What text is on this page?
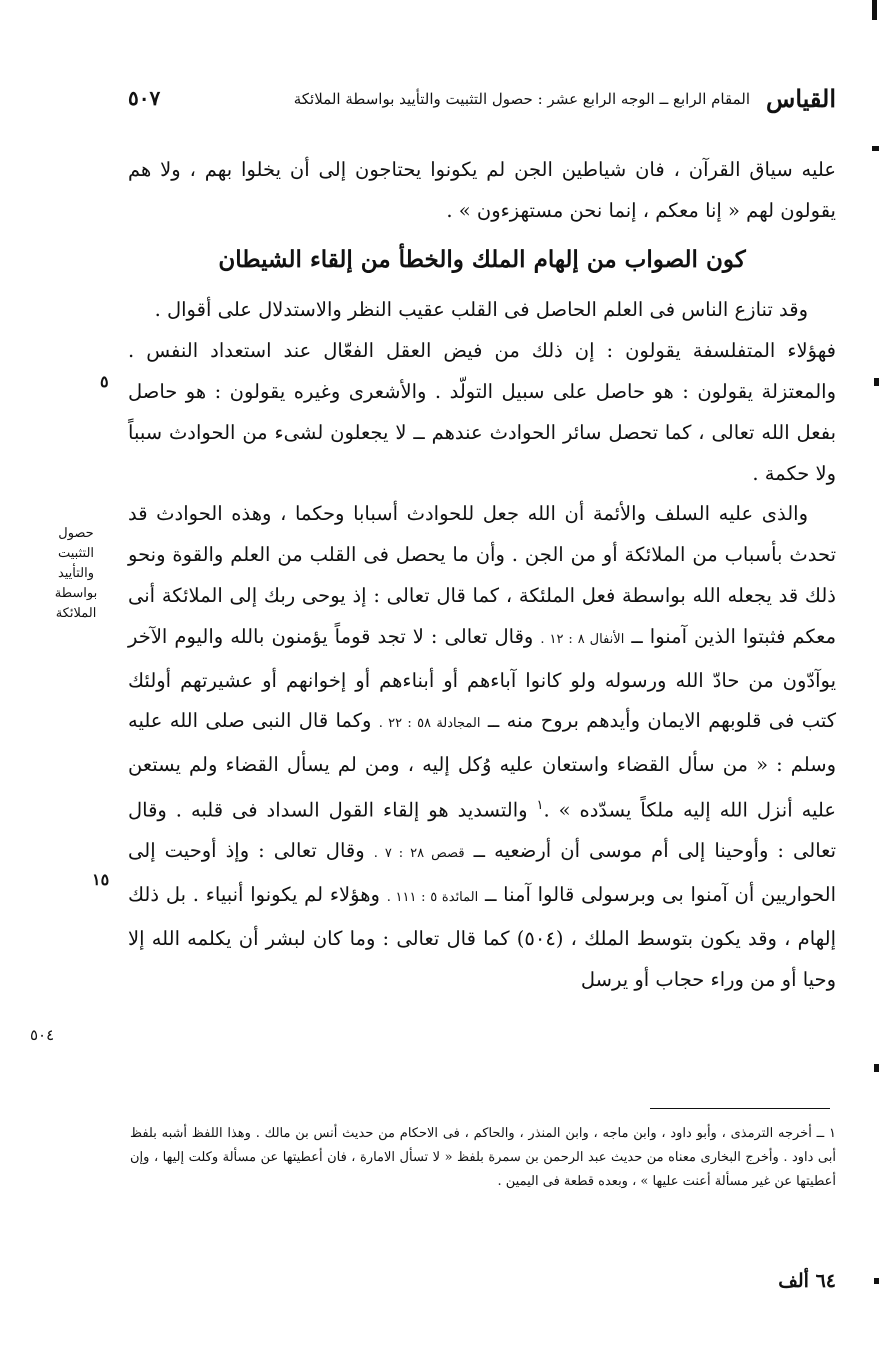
القياس
المقام الرابع ــ الوجه الرابع عشر : حصول التثبيت والتأييد بواسطة الملائكة
٥٠٧

عليه سياق القرآن ، فان شياطين الجن لم يكونوا يحتاجون إلى أن يخلوا بهم ، ولا هم يقولون لهم « إنا معكم ، إنما نحن مستهزءون » .

كون الصواب من إلهام الملك والخطأ من إلقاء الشيطان

وقد تنازع الناس فى العلم الحاصل فى القلب عقيب النظر والاستدلال على أقوال .

فهؤلاء المتفلسفة يقولون : إن ذلك من فيض العقل الفعّال عند استعداد النفس . والمعتزلة يقولون : هو حاصل على سبيل التولّد . والأشعرى وغيره يقولون : هو حاصل بفعل الله تعالى ، كما تحصل سائر الحوادث عندهم ــ لا يجعلون لشىء من الحوادث سبباً ولا حكمة .

والذى عليه السلف والأئمة أن الله جعل للحوادث أسبابا وحكما ، وهذه الحوادث قد تحدث بأسباب من الملائكة أو من الجن . وأن ما يحصل فى القلب من العلم والقوة ونحو ذلك قد يجعله الله بواسطة فعل الملئكة ، كما قال تعالى : إذ يوحى ربك إلى الملائكة أنى معكم فثبتوا الذين آمنوا ــ الأنفال ٨ : ١٢ . وقال تعالى : لا تجد قوماً يؤمنون بالله واليوم الآخر يوآدّون من حادّ الله ورسوله ولو كانوا آباءهم أو أبناءهم أو إخوانهم أو عشيرتهم أولئك كتب فى قلوبهم الايمان وأيدهم بروح منه ــ المجادلة ٥٨ : ٢٢ . وكما قال النبى صلى الله عليه وسلم : « من سأل القضاء واستعان عليه وُكل إليه ، ومن لم يسأل القضاء ولم يستعن عليه أنزل الله إليه ملكاً يسدّده » .$^١$ والتسديد هو إلقاء القول السداد فى قلبه . وقال تعالى : وأوحينا إلى أم موسى أن أرضعيه ــ قصص ٢٨ : ٧ . وقال تعالى : وإذ أوحيت إلى الحواريين أن آمنوا بى وبرسولى قالوا آمنا ــ المائدة ٥ : ١١١ . وهؤلاء لم يكونوا أنبياء . بل ذلك إلهام ، وقد يكون بتوسط الملك ، (٥٠٤) كما قال تعالى : وما كان لبشر أن يكلمه الله إلا وحيا أو من وراء حجاب أو يرسل

حصول التثبيت والتأييد بواسطة الملائكة
٥
١٥
٥٠٤

١ ــ أخرجه الترمذى ، وأبو داود ، وابن ماجه ، وابن المنذر ، والحاكم ، فى الاحكام من حديث أنس بن مالك . وهذا اللفظ أشبه بلفظ أبى داود . وأخرج البخارى معناه من حديث عبد الرحمن بن سمرة بلفظ « لا تسأل الامارة ، فان أعطيتها عن مسألة وكلت إليها ، وإن أعطيتها عن غير مسألة أعنت عليها » ، وبعده قطعة فى اليمين .

٦٤ ألف
